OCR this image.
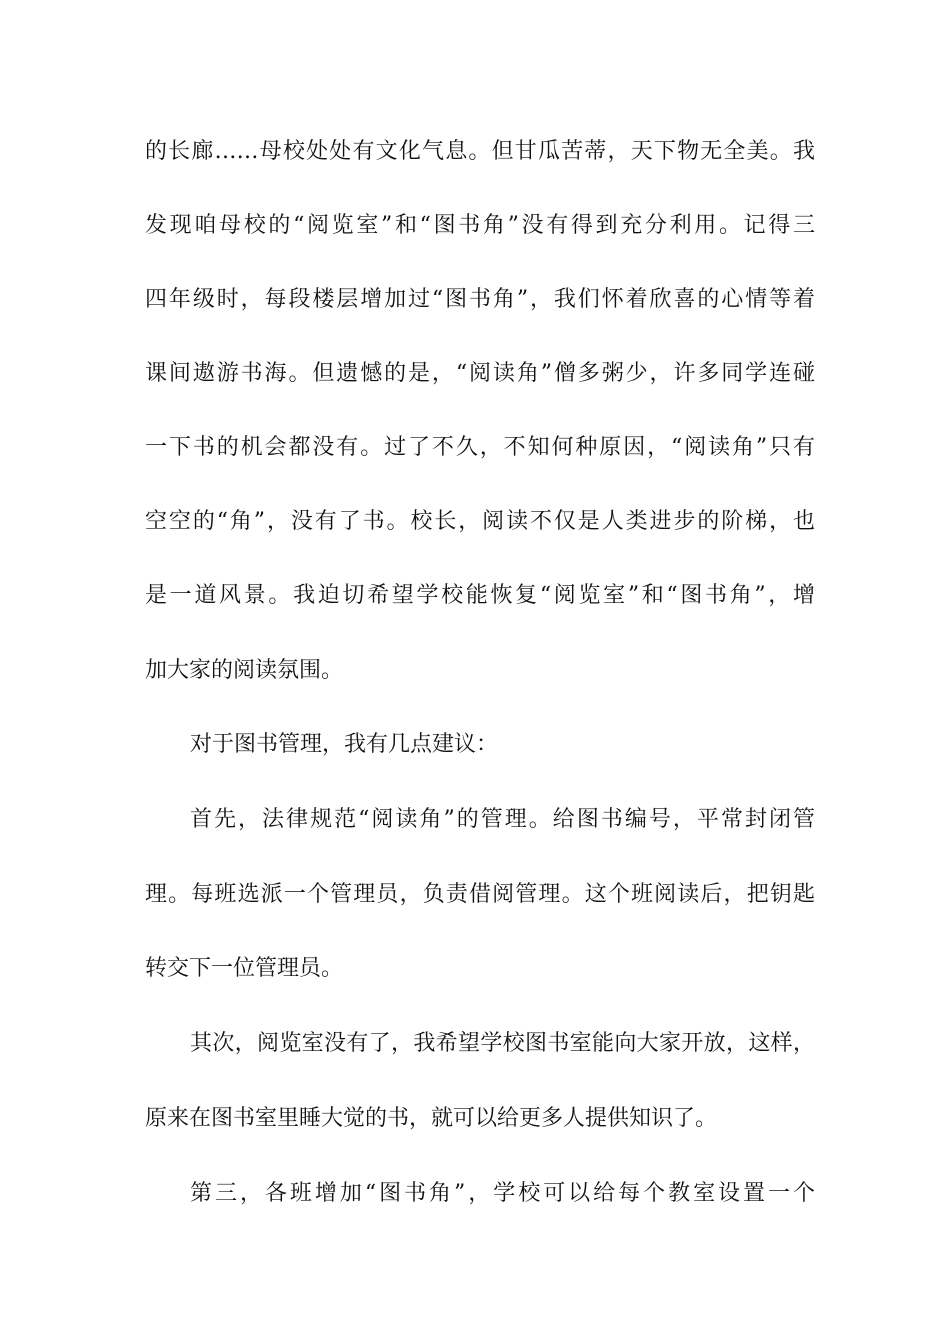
的长廊……母校处处有文化气息。但甘瓜苦蒂，天下物无全美。我
发现咱母校的“阅览室”和“图书角”没有得到充分利用。记得三
四年级时，每段楼层增加过“图书角”，我们怀着欣喜的心情等着
课间遨游书海。但遗憾的是，“阅读角”僧多粥少，许多同学连碰
一下书的机会都没有。过了不久，不知何种原因，“阅读角”只有
空空的“角”，没有了书。校长，阅读不仅是人类进步的阶梯，也
是一道风景。我迫切希望学校能恢复“阅览室”和“图书角”，增
加大家的阅读氛围。
对于图书管理，我有几点建议：
首先，法律规范“阅读角”的管理。给图书编号，平常封闭管
理。每班选派一个管理员，负责借阅管理。这个班阅读后，把钥匙
转交下一位管理员。
其次，阅览室没有了，我希望学校图书室能向大家开放，这样，
原来在图书室里睡大觉的书，就可以给更多人提供知识了。
第三，各班增加“图书角”，学校可以给每个教室设置一个
